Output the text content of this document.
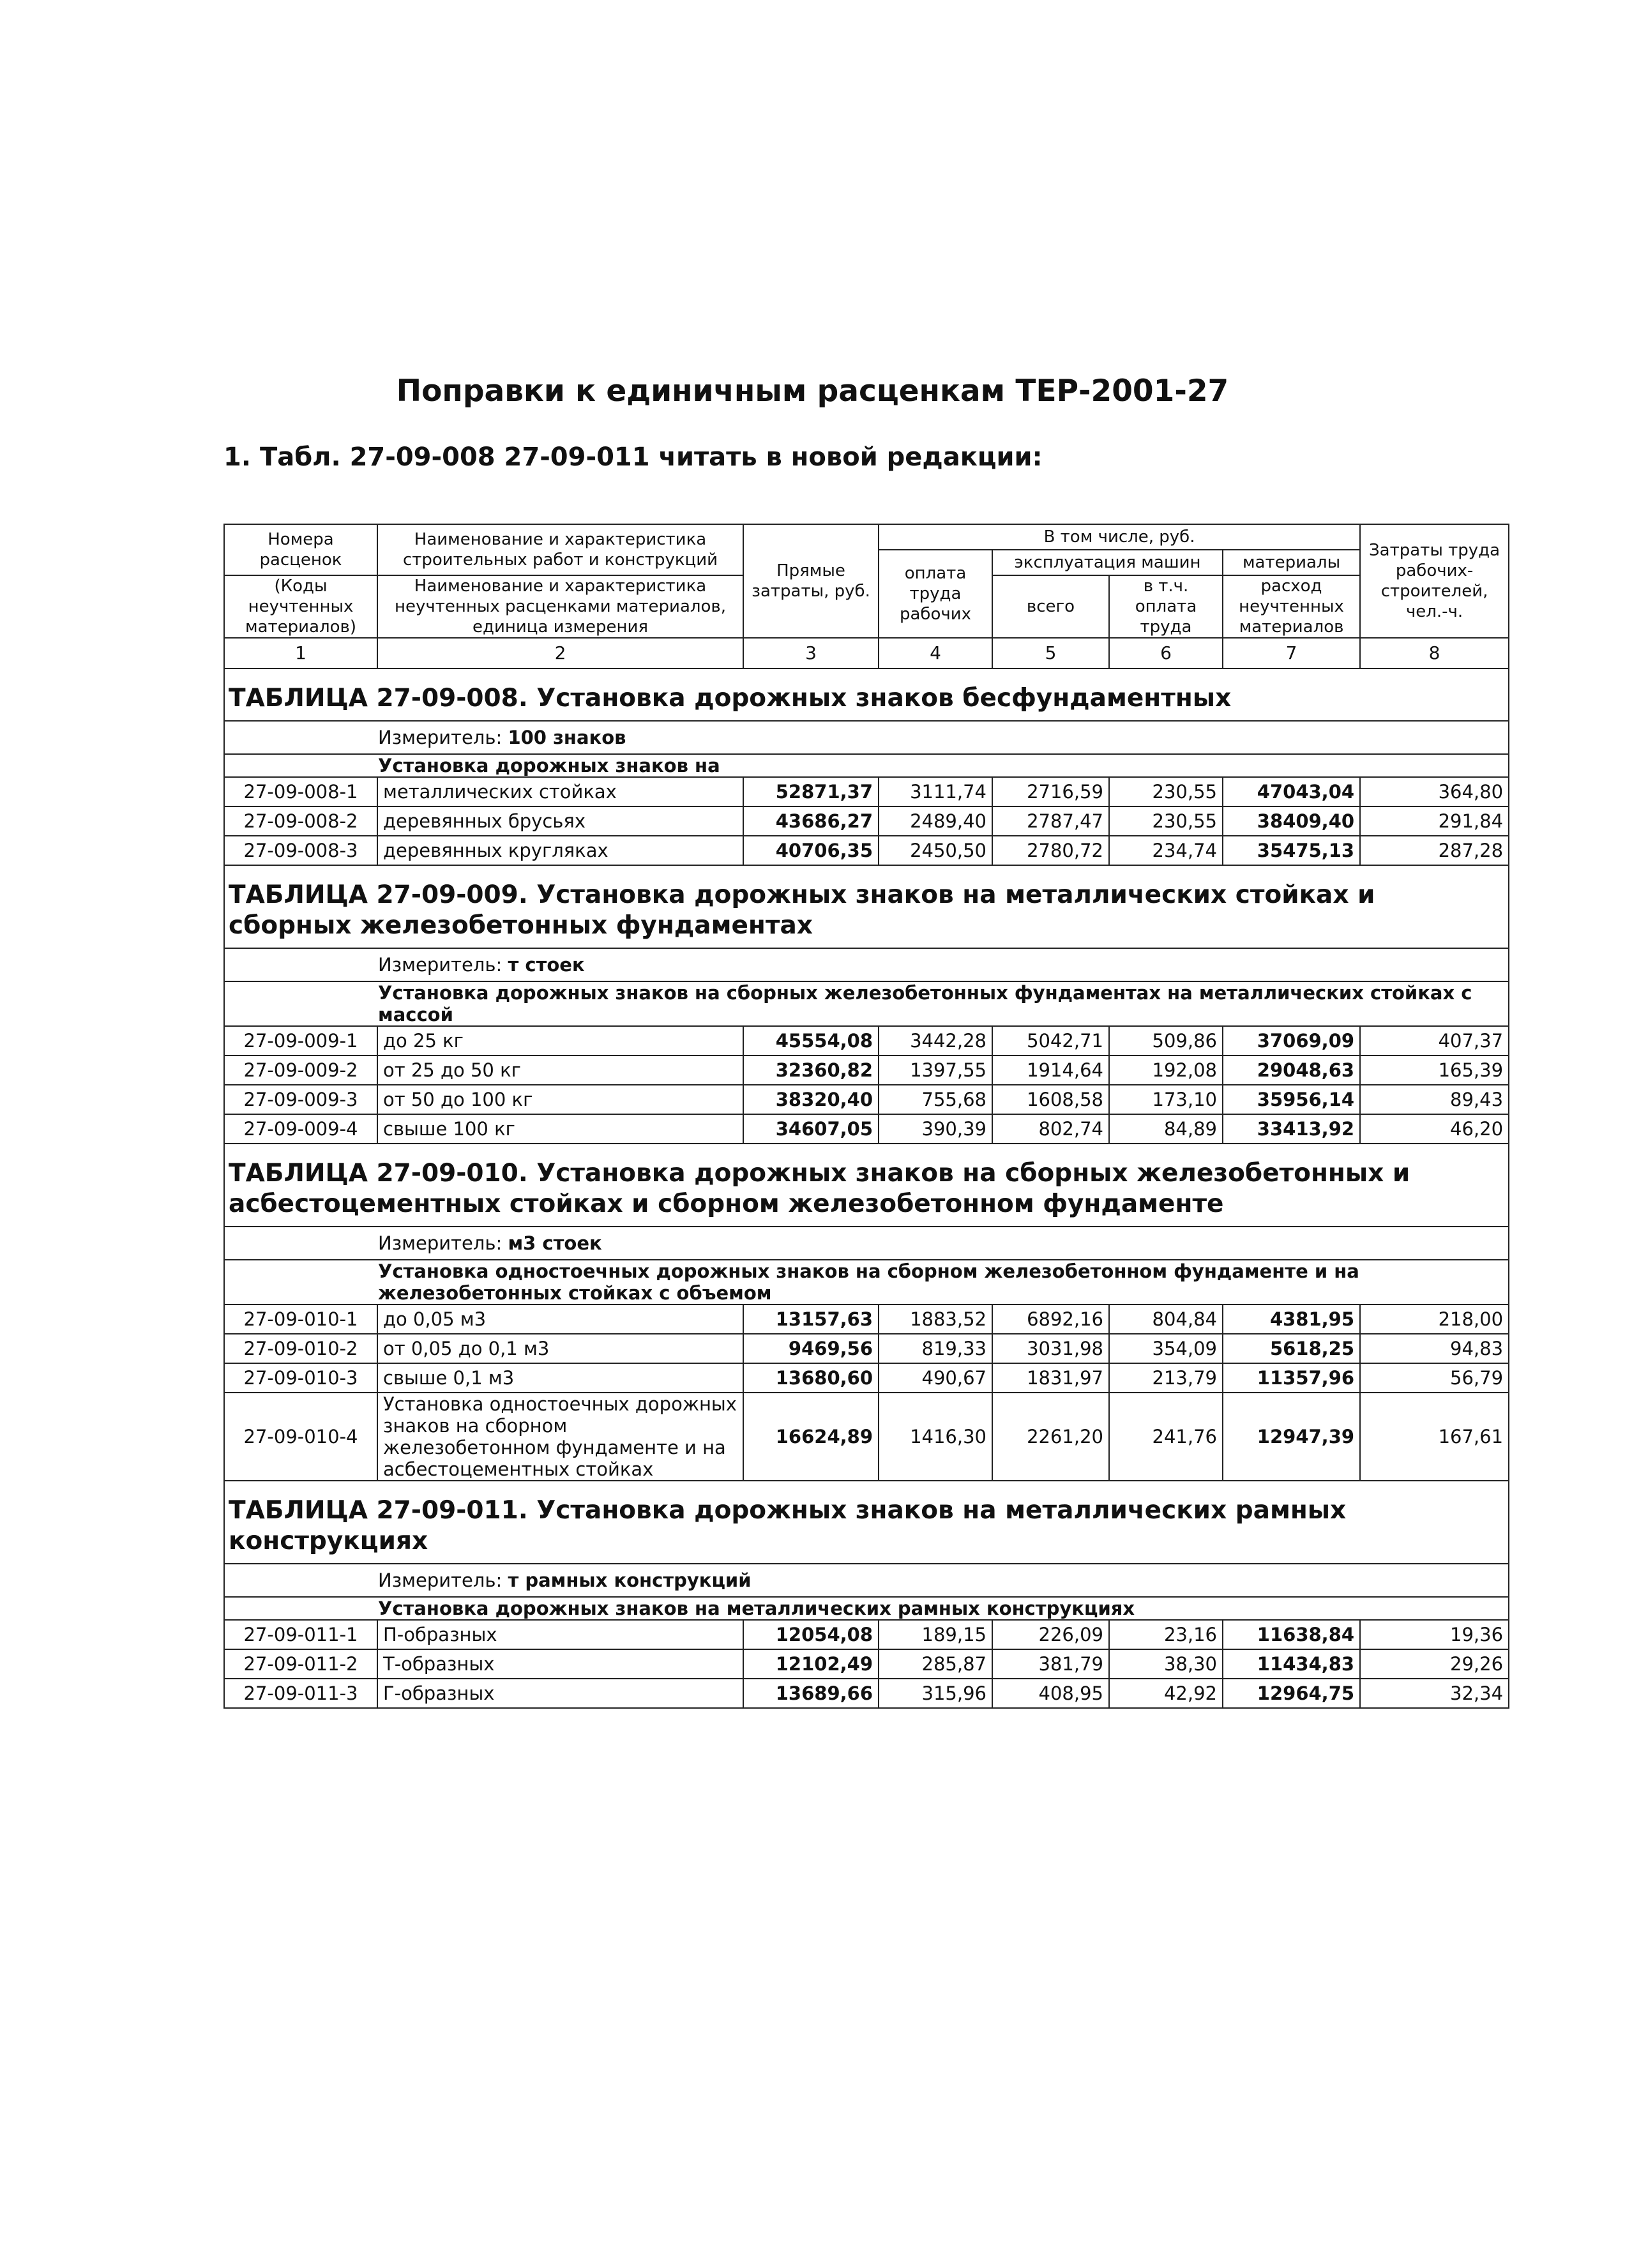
Поправки к единичным расценкам ТЕР-2001-27

1. Табл. 27-09-008 27-09-011 читать в новой редакции:

Номера расценок	Наименование и характеристика строительных работ и конструкций	Прямые затраты, руб.	В том числе, руб.				Затраты труда рабочих-строителей, чел.-ч.
			оплата труда рабочих	эксплуатация машин		материалы	
(Коды неучтенных материалов)	Наименование и характеристика неучтенных расценками материалов, единица измерения			всего	в т.ч. оплата труда	расход неучтенных материалов	

1	2	3	4	5	6	7	8
ТАБЛИЦА 27-09-008. Установка дорожных знаков бесфундаментных							
Измеритель: 100 знаков							
Установка дорожных знаков на							
27-09-008-1	металлических стойках	52871,37	3111,74	2716,59	230,55	47043,04	364,80
27-09-008-2	деревянных брусьях	43686,27	2489,40	2787,47	230,55	38409,40	291,84
27-09-008-3	деревянных кругляках	40706,35	2450,50	2780,72	234,74	35475,13	287,28
ТАБЛИЦА 27-09-009. Установка дорожных знаков на металлических стойках и сборных железобетонных фундаментах							
Измеритель: т стоек							
Установка дорожных знаков на сборных железобетонных фундаментах на металлических стойках с массой							
27-09-009-1	до 25 кг	45554,08	3442,28	5042,71	509,86	37069,09	407,37
27-09-009-2	от 25 до 50 кг	32360,82	1397,55	1914,64	192,08	29048,63	165,39
27-09-009-3	от 50 до 100 кг	38320,40	755,68	1608,58	173,10	35956,14	89,43
27-09-009-4	свыше 100 кг	34607,05	390,39	802,74	84,89	33413,92	46,20
ТАБЛИЦА 27-09-010. Установка дорожных знаков на сборных железобетонных и асбестоцементных стойках и сборном железобетонном фундаменте							
Измеритель: м3 стоек							
Установка одностоечных дорожных знаков на сборном железобетонном фундаменте и на железобетонных стойках с объемом							
27-09-010-1	до 0,05 м3	13157,63	1883,52	6892,16	804,84	4381,95	218,00
27-09-010-2	от 0,05 до 0,1 м3	9469,56	819,33	3031,98	354,09	5618,25	94,83
27-09-010-3	свыше 0,1 м3	13680,60	490,67	1831,97	213,79	11357,96	56,79
27-09-010-4	Установка одностоечных дорожных знаков на сборном железобетонном фундаменте и на асбестоцементных стойках	16624,89	1416,30	2261,20	241,76	12947,39	167,61
ТАБЛИЦА 27-09-011. Установка дорожных знаков на металлических рамных конструкциях							
Измеритель: т рамных конструкций							
Установка дорожных знаков на металлических рамных конструкциях							
27-09-011-1	П-образных	12054,08	189,15	226,09	23,16	11638,84	19,36
27-09-011-2	Т-образных	12102,49	285,87	381,79	38,30	11434,83	29,26
27-09-011-3	Г-образных	13689,66	315,96	408,95	42,92	12964,75	32,34
